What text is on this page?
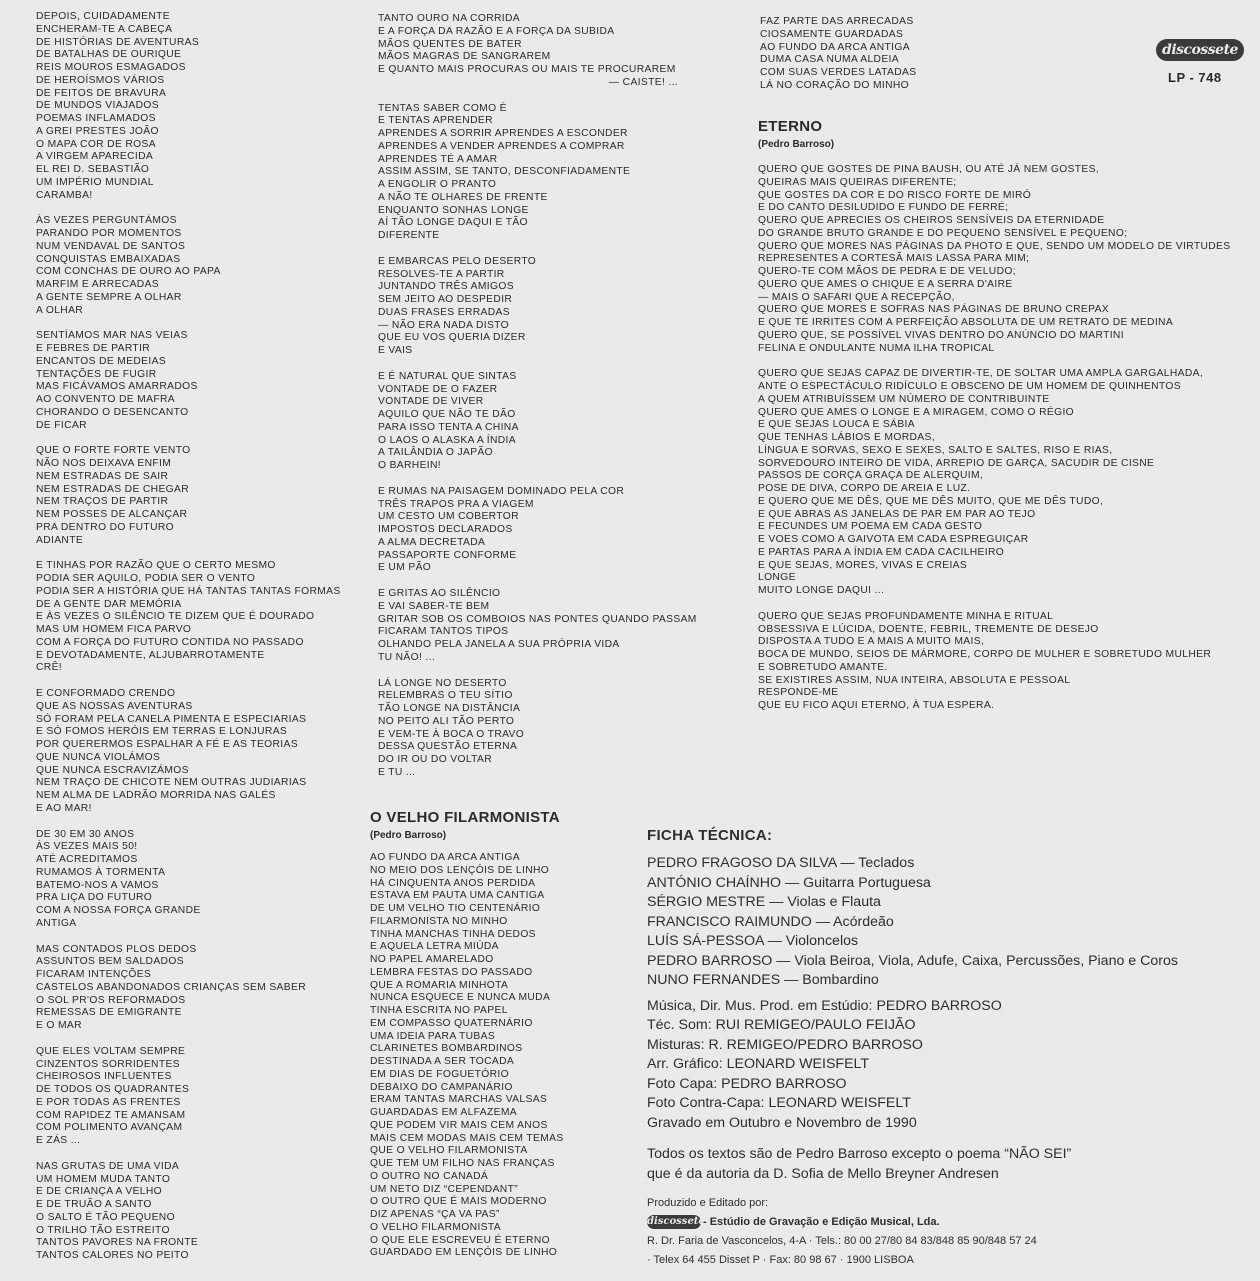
discossete
LP - 748
DEPOIS, CUIDADAMENTE
ENCHERAM-TE A CABEÇA
DE HISTÓRIAS DE AVENTURAS
DE BATALHAS DE OURIQUE
REIS MOUROS ESMAGADOS
DE HEROÍSMOS VÁRIOS
DE FEITOS DE BRAVURA
DE MUNDOS VIAJADOS
POEMAS INFLAMADOS
A GREI PRESTES JOÃO
O MAPA COR DE ROSA
A VIRGEM APARECIDA
EL REI D. SEBASTIÃO
UM IMPÉRIO MUNDIAL
CARAMBA!
ÀS VEZES PERGUNTÁMOS
PARANDO POR MOMENTOS
NUM VENDAVAL DE SANTOS
CONQUISTAS EMBAIXADAS
COM CONCHAS DE OURO AO PAPA
MARFIM E ARRECADAS
A GENTE SEMPRE A OLHAR
A OLHAR
SENTÍAMOS MAR NAS VEIAS
E FEBRES DE PARTIR
ENCANTOS DE MEDEIAS
TENTAÇÕES DE FUGIR
MAS FICÁVAMOS AMARRADOS
AO CONVENTO DE MAFRA
CHORANDO O DESENCANTO
DE FICAR
QUE O FORTE FORTE VENTO
NÃO NOS DEIXAVA ENFIM
NEM ESTRADAS DE SAIR
NEM ESTRADAS DE CHEGAR
NEM TRAÇOS DE PARTIR
NEM POSSES DE ALCANÇAR
PRA DENTRO DO FUTURO
ADIANTE
E TINHAS POR RAZÃO QUE O CERTO MESMO
PODIA SER AQUILO, PODIA SER O VENTO
PODIA SER A HISTÓRIA QUE HÁ TANTAS TANTAS FORMAS
DE A GENTE DAR MEMÓRIA
E ÀS VEZES O SILÊNCIO TE DIZEM QUE É DOURADO
MAS UM HOMEM FICA PARVO
COM A FORÇA DO FUTURO CONTIDA NO PASSADO
E DEVOTADAMENTE, ALJUBARROTAMENTE
CRÊ!
E CONFORMADO CRENDO
QUE AS NOSSAS AVENTURAS
SÓ FORAM PELA CANELA PIMENTA E ESPECIARIAS
E SÓ FOMOS HERÓIS EM TERRAS E LONJURAS
POR QUERERMOS ESPALHAR A FÉ E AS TEORIAS
QUE NUNCA VIOLÁMOS
QUE NUNCA ESCRAVIZÁMOS
NEM TRAÇO DE CHICOTE NEM OUTRAS JUDIARIAS
NEM ALMA DE LADRÃO MORRIDA NAS GALÉS
E AO MAR!
DE 30 EM 30 ANOS
ÀS VEZES MAIS 50!
ATÉ ACREDITAMOS
RUMAMOS À TORMENTA
BATEMO-NOS A VAMOS
PRA LIÇA DO FUTURO
COM A NOSSA FORÇA GRANDE
ANTIGA
MAS CONTADOS PLOS DEDOS
ASSUNTOS BEM SALDADOS
FICARAM INTENÇÕES
CASTELOS ABANDONADOS CRIANÇAS SEM SABER
O SOL PR'OS REFORMADOS
REMESSAS DE EMIGRANTE
E O MAR
QUE ELES VOLTAM SEMPRE
CINZENTOS SORRIDENTES
CHEIROSOS INFLUENTES
DE TODOS OS QUADRANTES
E POR TODAS AS FRENTES
COM RAPIDEZ TE AMANSAM
COM POLIMENTO AVANÇAM
E ZÁS ...
NAS GRUTAS DE UMA VIDA
UM HOMEM MUDA TANTO
E DE CRIANÇA A VELHO
E DE TRUÃO A SANTO
O SALTO É TÃO PEQUENO
O TRILHO TÃO ESTREITO
TANTOS PAVORES NA FRONTE
TANTOS CALORES NO PEITO
TANTO OURO NA CORRIDA
E A FORÇA DA RAZÃO E A FORÇA DA SUBIDA
MÃOS QUENTES DE BATER
MÃOS MAGRAS DE SANGRAREM
E QUANTO MAIS PROCURAS OU MAIS TE PROCURAREM
— CAISTE! ...
TENTAS SABER COMO É
E TENTAS APRENDER
APRENDES A SORRIR APRENDES A ESCONDER
APRENDES A VENDER APRENDES A COMPRAR
APRENDES TÉ A AMAR
ASSIM ASSIM, SE TANTO, DESCONFIADAMENTE
A ENGOLIR O PRANTO
A NÃO TE OLHARES DE FRENTE
ENQUANTO SONHAS LONGE
AÍ TÃO LONGE DAQUI E TÃO
DIFERENTE
E EMBARCAS PELO DESERTO
RESOLVES-TE A PARTIR
JUNTANDO TRÊS AMIGOS
SEM JEITO AO DESPEDIR
DUAS FRASES ERRADAS
— NÃO ERA NADA DISTO
QUE EU VOS QUERIA DIZER
E VAIS
E É NATURAL QUE SINTAS
VONTADE DE O FAZER
VONTADE DE VIVER
AQUILO QUE NÃO TE DÃO
PARA ISSO TENTA A CHINA
O LAOS O ALASKA A ÍNDIA
A TAILÂNDIA O JAPÃO
O BARHEIN!
E RUMAS NA PAISAGEM DOMINADO PELA COR
TRÊS TRAPOS PRA A VIAGEM
UM CESTO UM COBERTOR
IMPOSTOS DECLARADOS
A ALMA DECRETADA
PASSAPORTE CONFORME
E UM PÃO
E GRITAS AO SILÊNCIO
E VAI SABER-TE BEM
GRITAR SOB OS COMBOIOS NAS PONTES QUANDO PASSAM
FICARAM TANTOS TIPOS
OLHANDO PELA JANELA A SUA PRÓPRIA VIDA
TU NÃO! ...
LÁ LONGE NO DESERTO
RELEMBRAS O TEU SÍTIO
TÃO LONGE NA DISTÂNCIA
NO PEITO ALI TÃO PERTO
E VEM-TE À BOCA O TRAVO
DESSA QUESTÃO ETERNA
DO IR OU DO VOLTAR
E TU ...
O VELHO FILARMONISTA
(Pedro Barroso)
AO FUNDO DA ARCA ANTIGA
NO MEIO DOS LENÇÓIS DE LINHO
HÁ CINQUENTA ANOS PERDIDA
ESTAVA EM PAUTA UMA CANTIGA
DE UM VELHO TIO CENTENÁRIO
FILARMONISTA NO MINHO
TINHA MANCHAS TINHA DEDOS
E AQUELA LETRA MIÚDA
NO PAPEL AMARELADO
LEMBRA FESTAS DO PASSADO
QUE A ROMARIA MINHOTA
NUNCA ESQUECE E NUNCA MUDA
TINHA ESCRITA NO PAPEL
EM COMPASSO QUATERNÁRIO
UMA IDEIA PARA TUBAS
CLARINETES BOMBARDINOS
DESTINADA A SER TOCADA
EM DIAS DE FOGUETÓRIO
DEBAIXO DO CAMPANÁRIO
ERAM TANTAS MARCHAS VALSAS
GUARDADAS EM ALFAZEMA
QUE PODEM VIR MAIS CEM ANOS
MAIS CEM MODAS MAIS CEM TEMAS
QUE O VELHO FILARMONISTA
QUE TEM UM FILHO NAS FRANÇAS
O OUTRO NO CANADÁ
UM NETO DIZ “CEPENDANT”
O OUTRO QUE É MAIS MODERNO
DIZ APENAS “ÇA VA PAS”
O VELHO FILARMONISTA
O QUE ELE ESCREVEU É ETERNO
GUARDADO EM LENÇÓIS DE LINHO
FAZ PARTE DAS ARRECADAS
CIOSAMENTE GUARDADAS
AO FUNDO DA ARCA ANTIGA
DUMA CASA NUMA ALDEIA
COM SUAS VERDES LATADAS
LÁ NO CORAÇÃO DO MINHO
ETERNO
(Pedro Barroso)
QUERO QUE GOSTES DE PINA BAUSH, OU ATÉ JÁ NEM GOSTES,
QUEIRAS MAIS QUEIRAS DIFERENTE;
QUE GOSTES DA COR E DO RISCO FORTE DE MIRÓ
E DO CANTO DESILUDIDO E FUNDO DE FERRÉ;
QUERO QUE APRECIES OS CHEIROS SENSÍVEIS DA ETERNIDADE
DO GRANDE BRUTO GRANDE E DO PEQUENO SENSÍVEL E PEQUENO;
QUERO QUE MORES NAS PÁGINAS DA PHOTO E QUE, SENDO UM MODELO DE VIRTUDES
REPRESENTES A CORTESÃ MAIS LASSA PARA MIM;
QUERO-TE COM MÃOS DE PEDRA E DE VELUDO;
QUERO QUE AMES O CHIQUE E A SERRA D'AIRE
— MAIS O SAFARI QUE A RECEPÇÃO,
QUERO QUE MORES E SOFRAS NAS PÁGINAS DE BRUNO CREPAX
E QUE TE IRRITES COM A PERFEIÇÃO ABSOLUTA DE UM RETRATO DE MEDINA
QUERO QUE, SE POSSÍVEL VIVAS DENTRO DO ANÚNCIO DO MARTINI
FELINA E ONDULANTE NUMA ILHA TROPICAL
QUERO QUE SEJAS CAPAZ DE DIVERTIR-TE, DE SOLTAR UMA AMPLA GARGALHADA,
ANTE O ESPECTÁCULO RIDÍCULO E OBSCENO DE UM HOMEM DE QUINHENTOS
A QUEM ATRIBUÍSSEM UM NÚMERO DE CONTRIBUINTE
QUERO QUE AMES O LONGE E A MIRAGEM, COMO O RÉGIO
E QUE SEJAS LOUCA E SÁBIA
QUE TENHAS LÁBIOS E MORDAS,
LÍNGUA E SORVAS, SEXO E SEXES, SALTO E SALTES, RISO E RIAS,
SORVEDOURO INTEIRO DE VIDA, ARREPIO DE GARÇA, SACUDIR DE CISNE
PASSOS DE CORÇA GRAÇA DE ALERQUIM,
POSE DE DIVA, CORPO DE AREIA E LUZ.
E QUERO QUE ME DÊS, QUE ME DÊS MUITO, QUE ME DÊS TUDO,
E QUE ABRAS AS JANELAS DE PAR EM PAR AO TEJO
E FECUNDES UM POEMA EM CADA GESTO
E VOES COMO A GAIVOTA EM CADA ESPREGUIÇAR
E PARTAS PARA A ÍNDIA EM CADA CACILHEIRO
E QUE SEJAS, MORES, VIVAS E CREIAS
LONGE
MUITO LONGE DAQUI ...
QUERO QUE SEJAS PROFUNDAMENTE MINHA E RITUAL
OBSESSIVA E LÚCIDA, DOENTE, FEBRIL, TREMENTE DE DESEJO
DISPOSTA A TUDO E A MAIS A MUITO MAIS,
BOCA DE MUNDO, SEIOS DE MÁRMORE, CORPO DE MULHER E SOBRETUDO MULHER
E SOBRETUDO AMANTE.
SE EXISTIRES ASSIM, NUA INTEIRA, ABSOLUTA E PESSOAL
RESPONDE-ME
QUE EU FICO AQUI ETERNO, À TUA ESPERA.
FICHA TÉCNICA:
PEDRO FRAGOSO DA SILVA — Teclados
ANTÓNIO CHAÍNHO — Guitarra Portuguesa
SÉRGIO MESTRE — Violas e Flauta
FRANCISCO RAIMUNDO — Acórdeão
LUÍS SÁ-PESSOA — Violoncelos
PEDRO BARROSO — Viola Beiroa, Viola, Adufe, Caixa, Percussões, Piano e Coros
NUNO FERNANDES — Bombardino
Música, Dir. Mus. Prod. em Estúdio: PEDRO BARROSO
Téc. Som: RUI REMIGEO/PAULO FEIJÃO
Misturas: R. REMIGEO/PEDRO BARROSO
Arr. Gráfico: LEONARD WEISFELT
Foto Capa: PEDRO BARROSO
Foto Contra-Capa: LEONARD WEISFELT
Gravado em Outubro e Novembro de 1990
Todos os textos são de Pedro Barroso excepto o poema “NÃO SEI”
que é da autoria da D. Sofia de Mello Breyner Andresen
Produzido e Editado por:
discossete- Estúdio de Gravação e Edição Musical, Lda.
R. Dr. Faria de Vasconcelos, 4-A · Tels.: 80 00 27/80 84 83/848 85 90/848 57 24
· Telex 64 455 Disset P · Fax: 80 98 67 · 1900 LISBOA
